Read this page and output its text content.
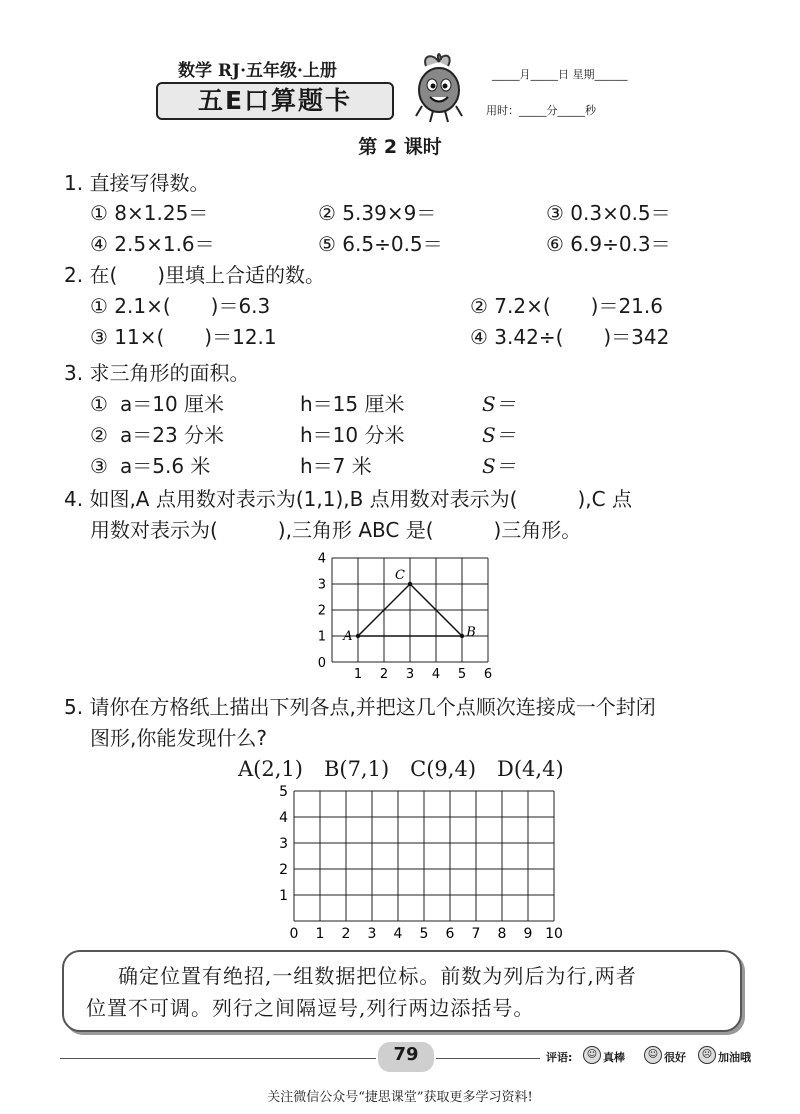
数学 RJ·五年级·上册
五E口算题卡
_____月_____日 星期______
用时：_____分_____秒
第 2 课时
1. 直接写得数。
① 8×1.25＝	② 5.39×9＝	③ 0.3×0.5＝
④ 2.5×1.6＝	⑤ 6.5÷0.5＝	⑥ 6.9÷0.3＝
2. 在(　　)里填上合适的数。
① 2.1×(　　)＝6.3	② 7.2×(　　)＝21.6
③ 11×(　　)＝12.1	④ 3.42÷(　　)＝342
3. 求三角形的面积。
① a＝10 厘米	h＝15 厘米	S＝
② a＝23 分米	h＝10 分米	S＝
③ a＝5.6 米	h＝7 米	S＝
4. 如图,A 点用数对表示为(1,1),B 点用数对表示为(　　　),C 点
用数对表示为(　　　),三角形 ABC 是(　　　)三角形。
A	B
C
1 2 3 4 5 6
1
2
3
4
0
5. 请你在方格纸上描出下列各点,并把这几个点顺次连接成一个封闭
图形,你能发现什么?
A(2,1)　B(7,1)　C(9,4)　D(4,4)
0 1 2 3 4 5 6 7 8 9 10
1
2
3
4
5
确定位置有绝招,一组数据把位标。前数为列后为行,两者
位置不可调。列行之间隔逗号,列行两边添括号。
79	评语:	☺ 真棒	☺ 很好	☹ 加油哦
关注微信公众号“捷思课堂”获取更多学习资料!
